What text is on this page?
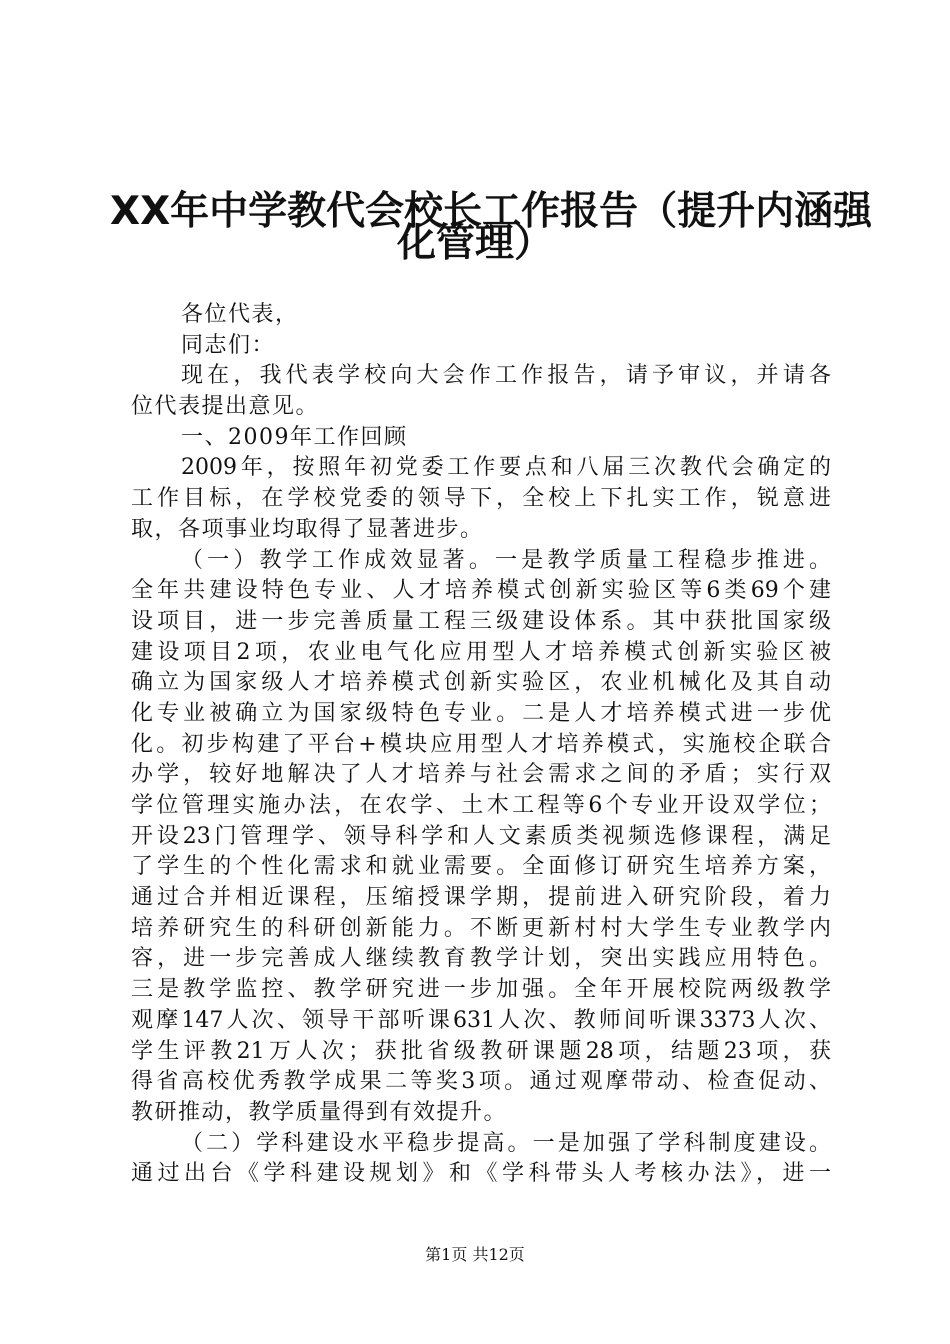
XX年中学教代会校长工作报告（提升内涵强
化管理）
各位代表，
同志们：
现在，我代表学校向大会作工作报告，请予审议，并请各
位代表提出意见。
一、2009年工作回顾
2009年，按照年初党委工作要点和八届三次教代会确定的
工作目标，在学校党委的领导下，全校上下扎实工作，锐意进
取，各项事业均取得了显著进步。
（一）教学工作成效显著。一是教学质量工程稳步推进。
全年共建设特色专业、人才培养模式创新实验区等6类69个建
设项目，进一步完善质量工程三级建设体系。其中获批国家级
建设项目2项，农业电气化应用型人才培养模式创新实验区被
确立为国家级人才培养模式创新实验区，农业机械化及其自动
化专业被确立为国家级特色专业。二是人才培养模式进一步优
化。初步构建了平台+模块应用型人才培养模式，实施校企联合
办学，较好地解决了人才培养与社会需求之间的矛盾；实行双
学位管理实施办法，在农学、土木工程等6个专业开设双学位；
开设23门管理学、领导科学和人文素质类视频选修课程，满足
了学生的个性化需求和就业需要。全面修订研究生培养方案，
通过合并相近课程，压缩授课学期，提前进入研究阶段，着力
培养研究生的科研创新能力。不断更新村村大学生专业教学内
容，进一步完善成人继续教育教学计划，突出实践应用特色。
三是教学监控、教学研究进一步加强。全年开展校院两级教学
观摩147人次、领导干部听课631人次、教师间听课3373人次、
学生评教21万人次；获批省级教研课题28项，结题23项，获
得省高校优秀教学成果二等奖3项。通过观摩带动、检查促动、
教研推动，教学质量得到有效提升。
（二）学科建设水平稳步提高。一是加强了学科制度建设。
通过出台《学科建设规划》和《学科带头人考核办法》，进一
第1页 共12页
